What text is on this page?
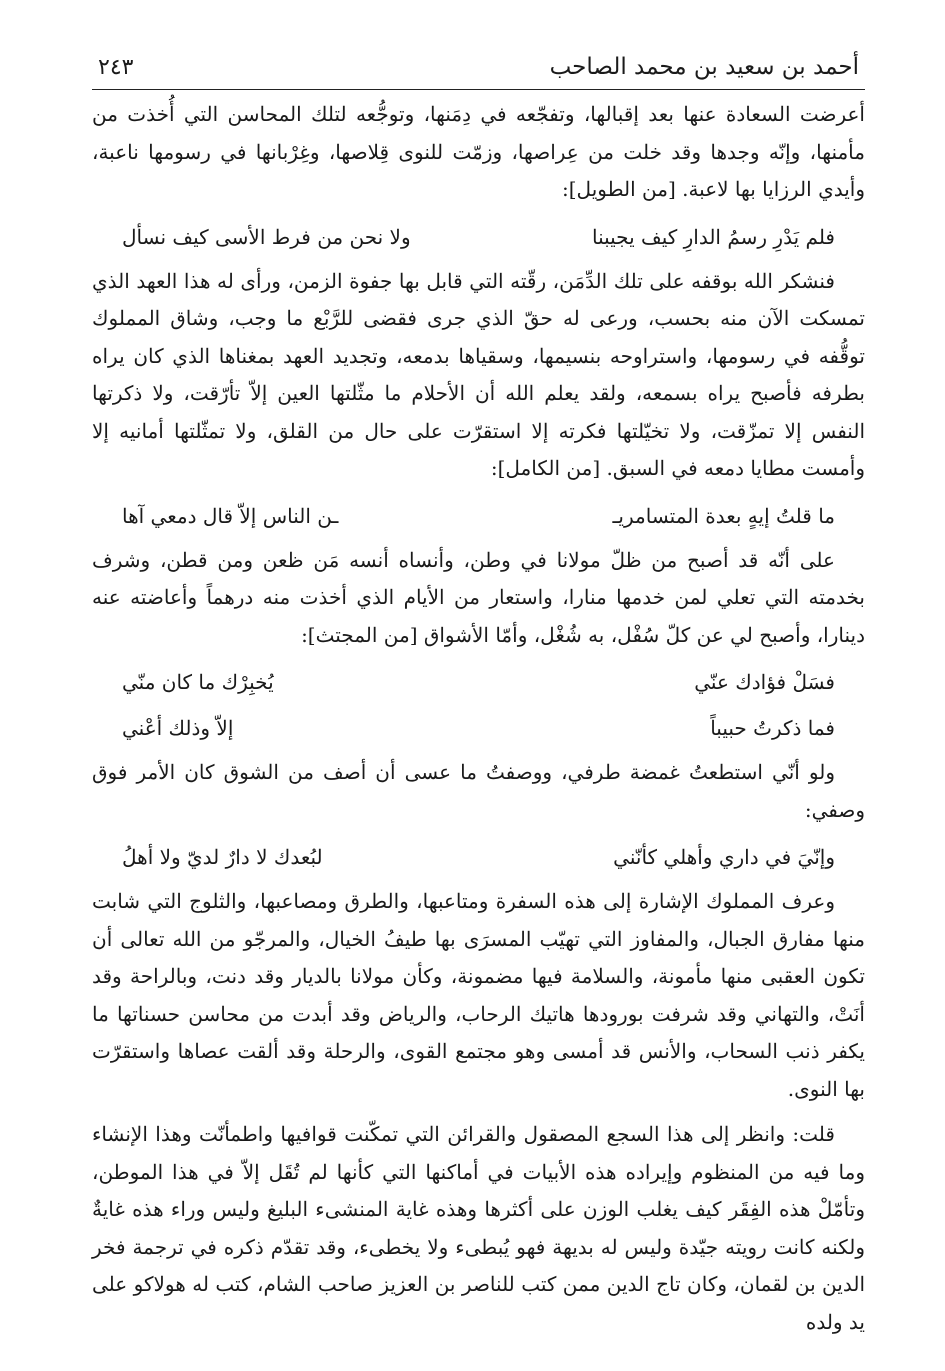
أحمد بن سعيد بن محمد الصاحب
٢٤٣

أعرضت السعادة عنها بعد إقبالها، وتفجّعه في دِمَنها، وتوجُّعه لتلك المحاسن التي أُخذت من مأمنها، وإنّه وجدها وقد خلت من عِراصها، وزمّت للنوى قِلاصها، وغِرْبانها في رسومها ناعبة، وأيدي الرزايا بها لاعبة. [من الطويل]:

فلم يَدْرِ رسمُ الدارِ كيف يجيبنا
ولا نحن من فرط الأسى كيف نسأل

فنشكر الله بوقفه على تلك الدِّمَن، رقّته التي قابل بها جفوة الزمن، ورأى له هذا العهد الذي تمسكت الآن منه بحسب، ورعى له حقّ الذي جرى فقضى للرَّبْع ما وجب، وشاق المملوك توقُّفه في رسومها، واستراوحه بنسيمها، وسقياها بدمعه، وتجديد العهد بمغناها الذي كان يراه بطرفه فأصبح يراه بسمعه، ولقد يعلم الله أن الأحلام ما مثّلتها العين إلاّ تأرّقت، ولا ذكرتها النفس إلا تمزّقت، ولا تخيّلتها فكرته إلا استقرّت على حال من القلق، ولا تمثّلتها أمانيه إلا وأمست مطايا دمعه في السبق. [من الكامل]:

ما قلتُ إيهٍ بعدة المتسامريـ
ـن الناس إلاّ قال دمعي آها

على أنّه قد أصبح من ظلّ مولانا في وطن، وأنساه أنسه مَن ظعن ومن قطن، وشرف بخدمته التي تعلي لمن خدمها منارا، واستعار من الأيام الذي أخذت منه درهماً وأعاضته عنه دينارا، وأصبح لي عن كلّ سُفْل، به شُغْل، وأمّا الأشواق [من المجتث]:

فسَلْ فؤادك عنّي
يُخبِرْك ما كان منّي
فما ذكرتُ حبيباً
إلاّ وذلك أعْني

ولو أنّي استطعتُ غمضة طرفي، ووصفتُ ما عسى أن أصف من الشوق كان الأمر فوق وصفي:

وإنّيَ في داري وأهلي كأنّني
لبُعدك لا دارٌ لديّ ولا أهلُ

وعرف المملوك الإشارة إلى هذه السفرة ومتاعبها، والطرق ومصاعبها، والثلوج التي شابت منها مفارق الجبال، والمفاوز التي تهيّب المسرَى بها طيفُ الخيال، والمرجّو من الله تعالى أن تكون العقبى منها مأمونة، والسلامة فيها مضمونة، وكأن مولانا بالديار وقد دنت، وبالراحة وقد أنَتْ، والتهاني وقد شرفت بورودها هاتيك الرحاب، والرياض وقد أبدت من محاسن حسناتها ما يكفر ذنب السحاب، والأنس قد أمسى وهو مجتمع القوى، والرحلة وقد ألقت عصاها واستقرّت بها النوى.

قلت: وانظر إلى هذا السجع المصقول والقرائن التي تمكّنت قوافيها واطمأنّت وهذا الإنشاء وما فيه من المنظوم وإيراده هذه الأبيات في أماكنها التي كأنها لم تُقَل إلاّ في هذا الموطن، وتأمّلْ هذه الفِقَر كيف يغلب الوزن على أكثرها وهذه غاية المنشىء البليغ وليس وراء هذه غايةٌ ولكنه كانت رويته جيّدة وليس له بديهة فهو يُبطىء ولا يخطىء، وقد تقدّم ذكره في ترجمة فخر الدين بن لقمان، وكان تاج الدين ممن كتب للناصر بن العزيز صاحب الشام، كتب له هولاكو على يد ولده
